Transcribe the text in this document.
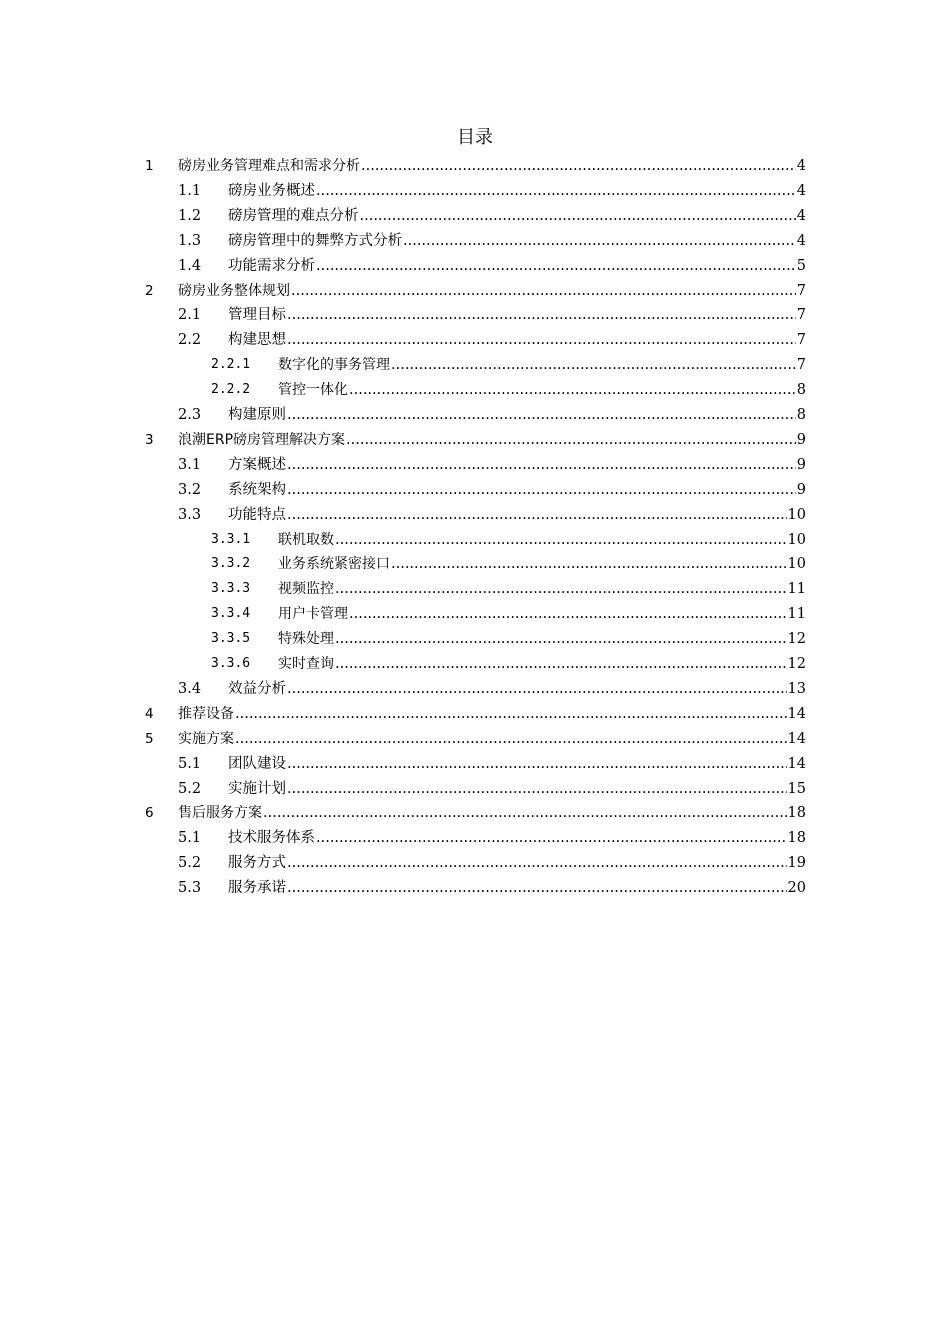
目录
1	磅房业务管理难点和需求分析 .....	4
1.1	磅房业务概述 .....	4
1.2	磅房管理的难点分析 .....	4
1.3	磅房管理中的舞弊方式分析 .....	4
1.4	功能需求分析 .....	5
2	磅房业务整体规划 .....	7
2.1	管理目标 .....	7
2.2	构建思想 .....	7
2.2.1	数字化的事务管理 .....	7
2.2.2	管控一体化 .....	8
2.3	构建原则 .....	8
3	浪潮ERP磅房管理解决方案 .....	9
3.1	方案概述 .....	9
3.2	系统架构 .....	9
3.3	功能特点 .....	10
3.3.1	联机取数 .....	10
3.3.2	业务系统紧密接口 .....	10
3.3.3	视频监控 .....	11
3.3.4	用户卡管理 .....	11
3.3.5	特殊处理 .....	12
3.3.6	实时查询 .....	12
3.4	效益分析 .....	13
4	推荐设备 .....	14
5	实施方案 .....	14
5.1	团队建设 .....	14
5.2	实施计划 .....	15
6	售后服务方案 .....	18
5.1	技术服务体系 .....	18
5.2	服务方式 .....	19
5.3	服务承诺 .....	20
